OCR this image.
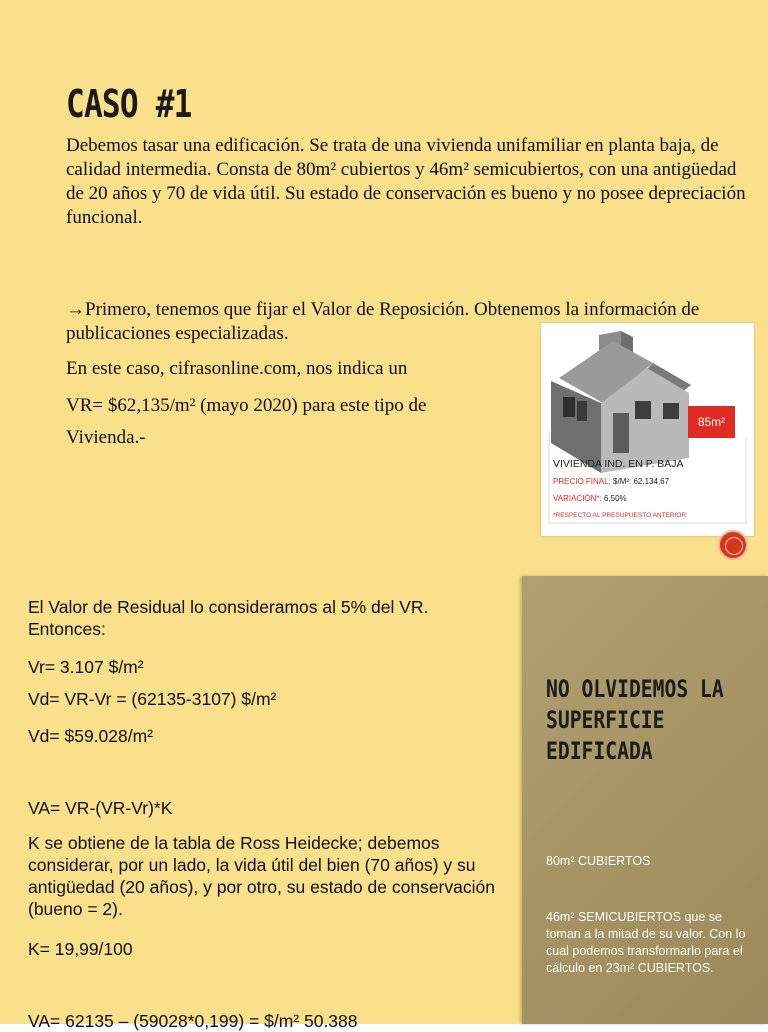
CASO #1

Debemos tasar una edificación. Se trata de una vivienda unifamiliar en planta baja, de calidad intermedia. Consta de 80m² cubiertos y 46m² semicubiertos, con una antigüedad de 20 años y 70 de vida útil. Su estado de conservación es bueno y no posee depreciación funcional.

→Primero, tenemos que fijar el Valor de Reposición. Obtenemos la información de publicaciones especializadas.

En este caso, cifrasonline.com, nos indica un

VR= $62,135/m² (mayo 2020) para este tipo de

Vivienda.-

85m²

VIVIENDA IND. EN P. BAJA

PRECIO FINAL: $/M²: 62.134,67

VARIACIÓN*: 6,50%

*RESPECTO AL PRESUPUESTO ANTERIOR

El Valor de Residual lo consideramos al 5% del VR. Entonces:

Vr= 3.107 $/m²

Vd= VR-Vr = (62135-3107) $/m²

Vd= $59.028/m²

VA= VR-(VR-Vr)*K

K se obtiene de la tabla de Ross Heidecke; debemos considerar, por un lado, la vida útil del bien (70 años) y su antigüedad (20 años), y por otro, su estado de conservación (bueno = 2).

K= 19,99/100

VA= 62135 – (59028*0,199) = $/m² 50.388

NO OLVIDEMOS LA SUPERFICIE EDIFICADA

80m² CUBIERTOS

46m² SEMICUBIERTOS que se toman a la mitad de su valor. Con lo cual podemos transformarlo para el cálculo en 23m² CUBIERTOS.
